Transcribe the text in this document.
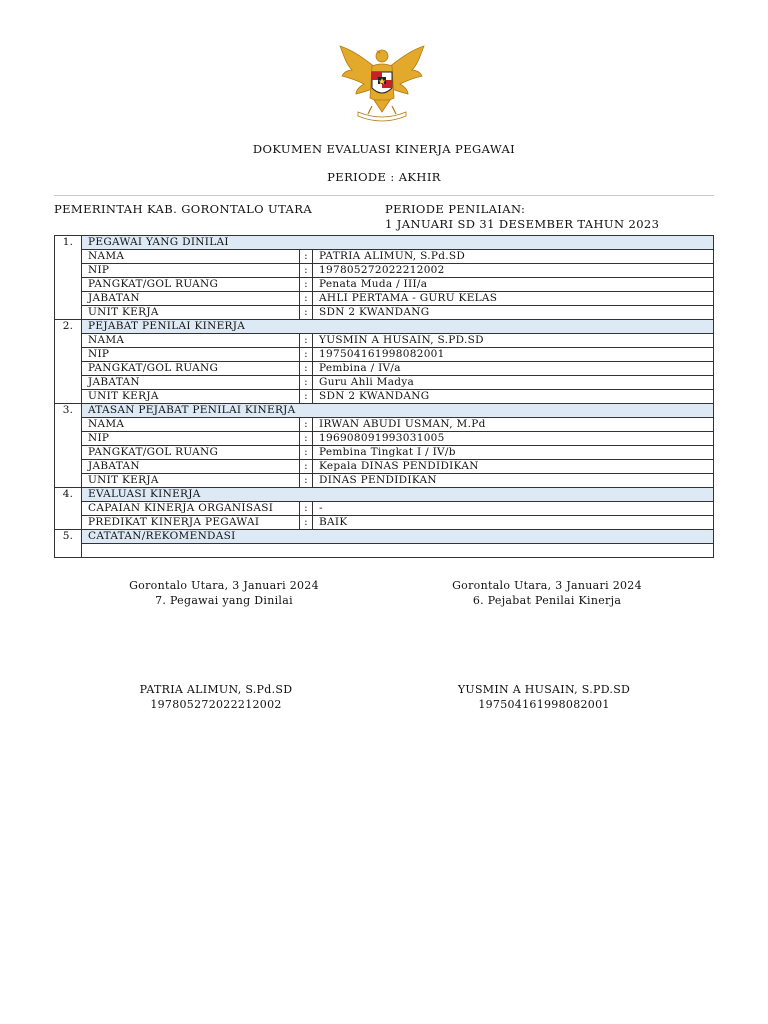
DOKUMEN EVALUASI KINERJA PEGAWAI
PERIODE : AKHIR
PEMERINTAH KAB. GORONTALO UTARA	PERIODE PENILAIAN:
1 JANUARI SD 31 DESEMBER TAHUN 2023
1.	PEGAWAI YANG DINILAI		
	NAMA	:	PATRIA ALIMUN, S.Pd.SD
	NIP	:	197805272022212002
	PANGKAT/GOL RUANG	:	Penata Muda / III/a
	JABATAN	:	AHLI PERTAMA - GURU KELAS
	UNIT KERJA	:	SDN 2 KWANDANG
2.	PEJABAT PENILAI KINERJA		
	NAMA	:	YUSMIN A HUSAIN, S.PD.SD
	NIP	:	197504161998082001
	PANGKAT/GOL RUANG	:	Pembina / IV/a
	JABATAN	:	Guru Ahli Madya
	UNIT KERJA	:	SDN 2 KWANDANG
3.	ATASAN PEJABAT PENILAI KINERJA		
	NAMA	:	IRWAN ABUDI USMAN, M.Pd
	NIP	:	196908091993031005
	PANGKAT/GOL RUANG	:	Pembina Tingkat I / IV/b
	JABATAN	:	Kepala DINAS PENDIDIKAN
	UNIT KERJA	:	DINAS PENDIDIKAN
4.	EVALUASI KINERJA		
	CAPAIAN KINERJA ORGANISASI	:	-
	PREDIKAT KINERJA PEGAWAI	:	BAIK
5.	CATATAN/REKOMENDASI		

Gorontalo Utara, 3 Januari 2024
7. Pegawai yang Dinilai
Gorontalo Utara, 3 Januari 2024
6. Pejabat Penilai Kinerja
PATRIA ALIMUN, S.Pd.SD
197805272022212002
YUSMIN A HUSAIN, S.PD.SD
197504161998082001
